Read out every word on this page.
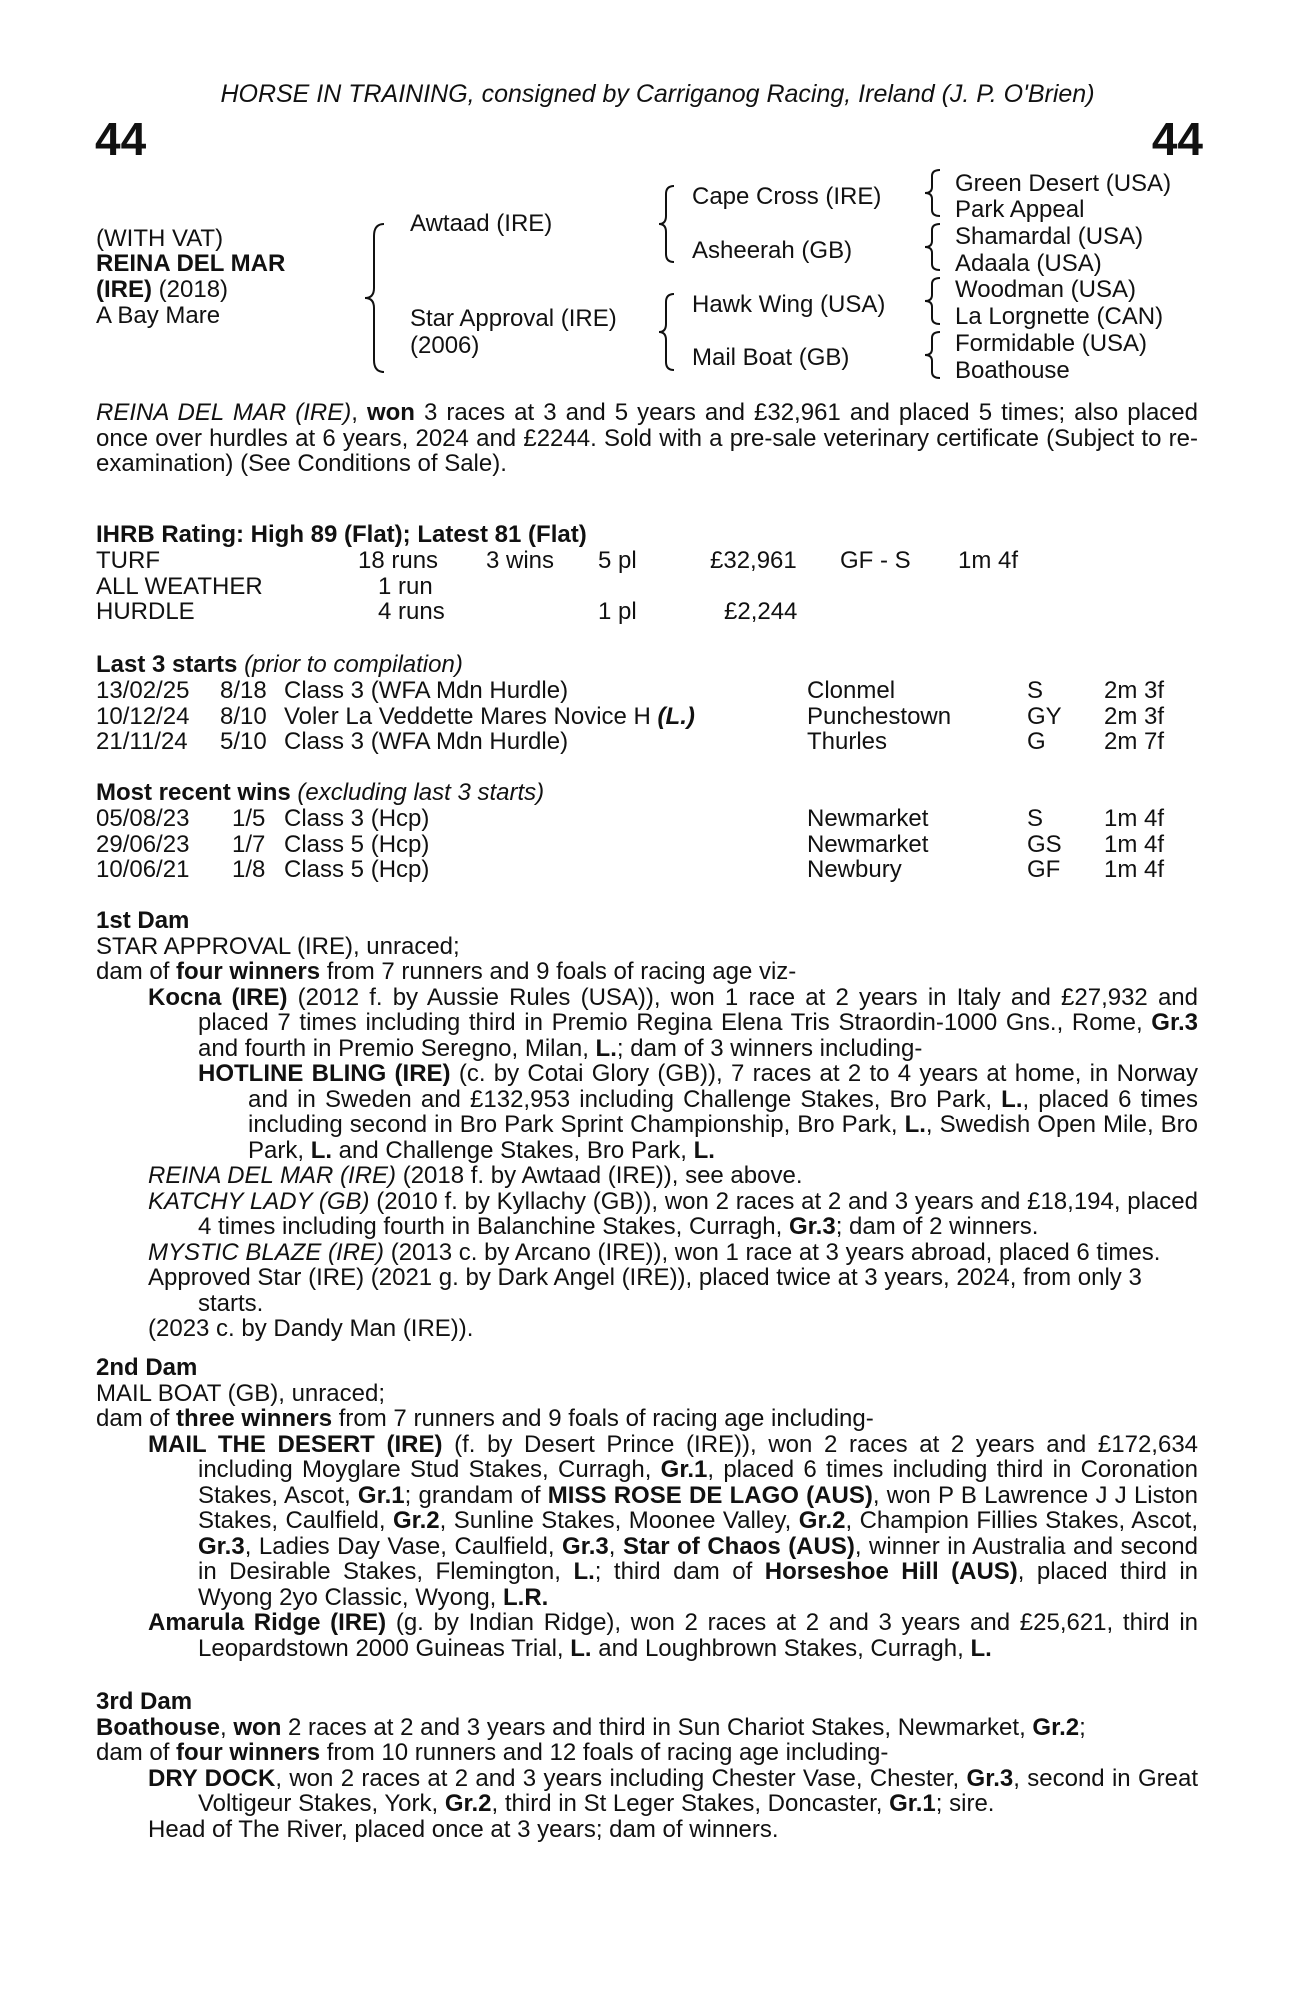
HORSE IN TRAINING, consigned by Carriganog Racing, Ireland (J. P. O'Brien)
44	44
(WITH VAT)
REINA DEL MAR
(IRE) (2018)
A Bay Mare
Awtaad (IRE)
Star Approval (IRE)
(2006)
Cape Cross (IRE)
Asheerah (GB)
Hawk Wing (USA)
Mail Boat (GB)
Green Desert (USA)
Park Appeal
Shamardal (USA)
Adaala (USA)
Woodman (USA)
La Lorgnette (CAN)
Formidable (USA)
Boathouse
REINA DEL MAR (IRE), won 3 races at 3 and 5 years and £32,961 and placed 5 times; also placed once over hurdles at 6 years, 2024 and £2244. Sold with a pre-sale veterinary certificate (Subject to re-examination) (See Conditions of Sale).
IHRB Rating: High 89 (Flat); Latest 81 (Flat)
TURF	18 runs	3 wins	5 pl	£32,961	GF - S	1m 4f
ALL WEATHER	1 run					
HURDLE	4 runs		1 pl	£2,244		
Last 3 starts (prior to compilation)
13/02/25	8/18	Class 3 (WFA Mdn Hurdle)	Clonmel	S	2m 3f
10/12/24	8/10	Voler La Veddette Mares Novice H (L.)	Punchestown	GY	2m 3f
21/11/24	5/10	Class 3 (WFA Mdn Hurdle)	Thurles	G	2m 7f
Most recent wins (excluding last 3 starts)
05/08/23	1/5	Class 3 (Hcp)	Newmarket	S	1m 4f
29/06/23	1/7	Class 5 (Hcp)	Newmarket	GS	1m 4f
10/06/21	1/8	Class 5 (Hcp)	Newbury	GF	1m 4f
1st Dam
STAR APPROVAL (IRE), unraced;
dam of four winners from 7 runners and 9 foals of racing age viz-
Kocna (IRE) (2012 f. by Aussie Rules (USA)), won 1 race at 2 years in Italy and £27,932 and placed 7 times including third in Premio Regina Elena Tris Straordin-1000 Gns., Rome, Gr.3 and fourth in Premio Seregno, Milan, L.; dam of 3 winners including-
HOTLINE BLING (IRE) (c. by Cotai Glory (GB)), 7 races at 2 to 4 years at home, in Norway and in Sweden and £132,953 including Challenge Stakes, Bro Park, L., placed 6 times including second in Bro Park Sprint Championship, Bro Park, L., Swedish Open Mile, Bro Park, L. and Challenge Stakes, Bro Park, L.
REINA DEL MAR (IRE) (2018 f. by Awtaad (IRE)), see above.
KATCHY LADY (GB) (2010 f. by Kyllachy (GB)), won 2 races at 2 and 3 years and £18,194, placed 4 times including fourth in Balanchine Stakes, Curragh, Gr.3; dam of 2 winners.
MYSTIC BLAZE (IRE) (2013 c. by Arcano (IRE)), won 1 race at 3 years abroad, placed 6 times.
Approved Star (IRE) (2021 g. by Dark Angel (IRE)), placed twice at 3 years, 2024, from only 3 starts.
(2023 c. by Dandy Man (IRE)).
2nd Dam
MAIL BOAT (GB), unraced;
dam of three winners from 7 runners and 9 foals of racing age including-
MAIL THE DESERT (IRE) (f. by Desert Prince (IRE)), won 2 races at 2 years and £172,634 including Moyglare Stud Stakes, Curragh, Gr.1, placed 6 times including third in Coronation Stakes, Ascot, Gr.1; grandam of MISS ROSE DE LAGO (AUS), won P B Lawrence J J Liston Stakes, Caulfield, Gr.2, Sunline Stakes, Moonee Valley, Gr.2, Champion Fillies Stakes, Ascot, Gr.3, Ladies Day Vase, Caulfield, Gr.3, Star of Chaos (AUS), winner in Australia and second in Desirable Stakes, Flemington, L.; third dam of Horseshoe Hill (AUS), placed third in Wyong 2yo Classic, Wyong, L.R.
Amarula Ridge (IRE) (g. by Indian Ridge), won 2 races at 2 and 3 years and £25,621, third in Leopardstown 2000 Guineas Trial, L. and Loughbrown Stakes, Curragh, L.
3rd Dam
Boathouse, won 2 races at 2 and 3 years and third in Sun Chariot Stakes, Newmarket, Gr.2;
dam of four winners from 10 runners and 12 foals of racing age including-
DRY DOCK, won 2 races at 2 and 3 years including Chester Vase, Chester, Gr.3, second in Great Voltigeur Stakes, York, Gr.2, third in St Leger Stakes, Doncaster, Gr.1; sire.
Head of The River, placed once at 3 years; dam of winners.
